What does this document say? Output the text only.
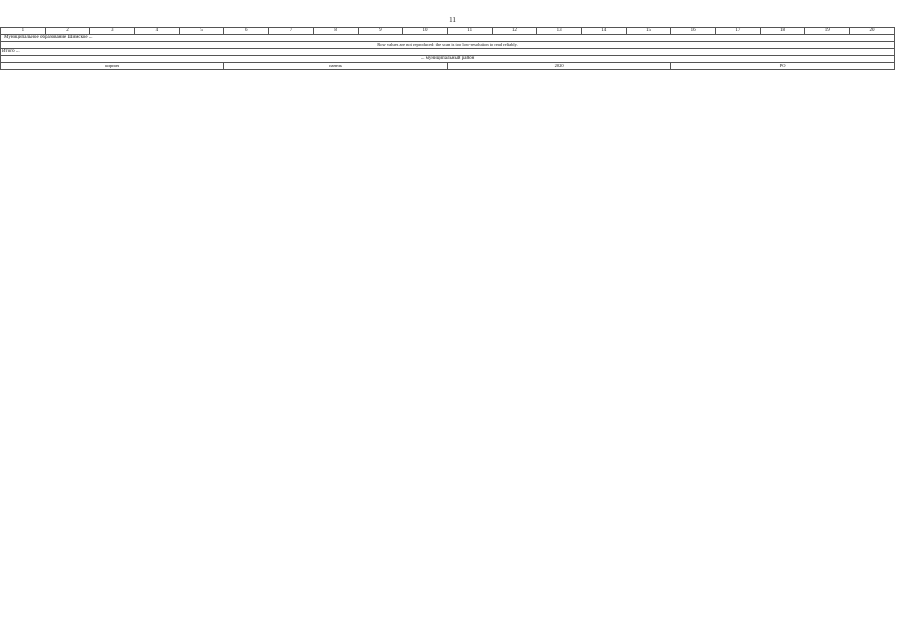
11
1	2	3	4	5	6	7	8	9	10	11	12	13	14	15	16	17	18	19	20
Муниципальное образование Шимское ...																			
Row values are not reproduced: the scan is too low-resolution to read reliably.																			
Итого ...																			
... муниципальный район																			
кирпич					панель					2020					РО				
